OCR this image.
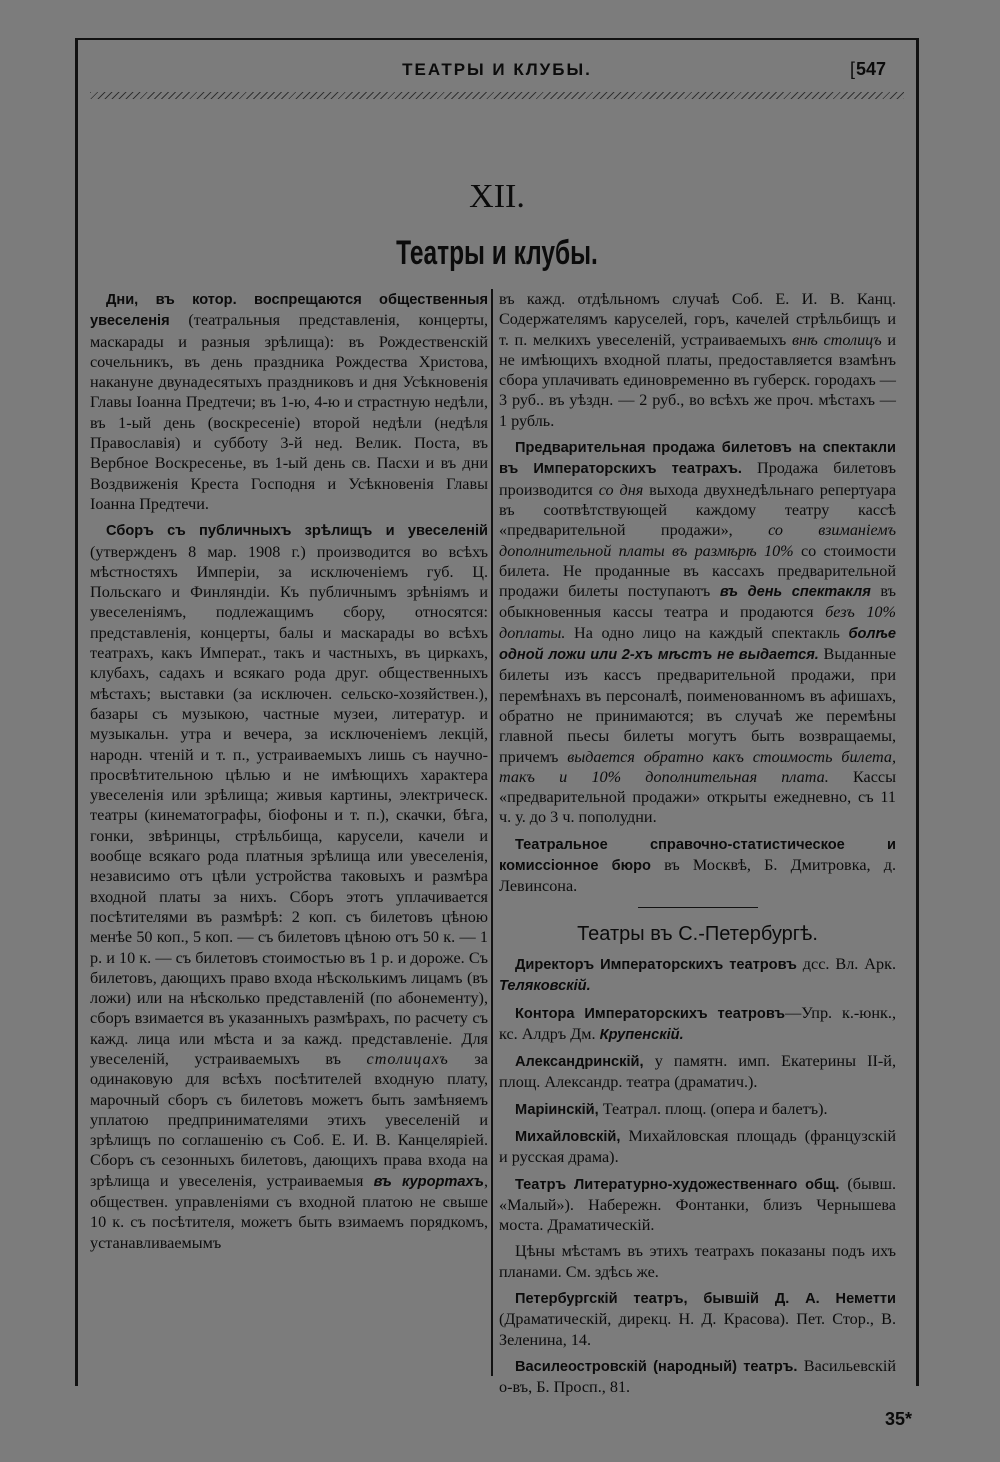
ТЕАТРЫ И КЛУБЫ.
[	547
XII.
Театры и клубы.

Дни, въ котор. воспрещаются общественныя увеселенія (театральныя представленія, концерты, маскарады и разныя зрѣлища): въ Рождественскій сочельникъ, въ день праздника Рождества Христова, накануне двунадесятыхъ праздниковъ и дня Усѣкновенія Главы Іоанна Предтечи; въ 1-ю, 4-ю и страстную недѣли, въ 1-ый день (воскресеніе) второй недѣли (недѣля Православія) и субботу 3-й нед. Велик. Поста, въ Вербное Воскресенье, въ 1-ый день св. Пасхи и въ дни Воздвиженія Креста Господня и Усѣкновенія Главы Іоанна Предтечи.

Сборъ съ публичныхъ зрѣлищъ и увеселеній (утвержденъ 8 мар. 1908 г.) производится во всѣхъ мѣстностяхъ Имперіи, за исключеніемъ губ. Ц. Польскаго и Финляндіи. Къ публичнымъ зрѣніямъ и увеселеніямъ, подлежащимъ сбору, относятся: представленія, концерты, балы и маскарады во всѣхъ театрахъ, какъ Императ., такъ и частныхъ, въ циркахъ, клубахъ, садахъ и всякаго рода друг. общественныхъ мѣстахъ; выставки (за исключен. сельско-хозяйствен.), базары съ музыкою, частные музеи, литератур. и музыкальн. утра и вечера, за исключеніемъ лекцій, народн. чтеній и т. п., устраиваемыхъ лишь съ научно-просвѣтительною цѣлью и не имѣющихъ характера увеселенія или зрѣлища; живыя картины, электрическ. театры (кинематографы, біофоны и т. п.), скачки, бѣга, гонки, звѣринцы, стрѣльбища, карусели, качели и вообще всякаго рода платныя зрѣлища или увеселенія, независимо отъ цѣли устройства таковыхъ и размѣра входной платы за нихъ. Сборъ этотъ уплачивается посѣтителями въ размѣрѣ: 2 коп. съ билетовъ цѣною менѣе 50 коп., 5 коп. — съ билетовъ цѣною отъ 50 к. — 1 р. и 10 к. — съ билетовъ стоимостью въ 1 р. и дороже. Съ билетовъ, дающихъ право входа нѣсколькимъ лицамъ (въ ложи) или на нѣсколько представленій (по абонементу), сборъ взимается въ указанныхъ размѣрахъ, по расчету съ кажд. лица или мѣста и за кажд. представленіе. Для увеселеній, устраиваемыхъ въ столицахъ за одинаковую для всѣхъ посѣтителей входную плату, марочный сборъ съ билетовъ можетъ быть замѣняемъ уплатою предпринимателями этихъ увеселеній и зрѣлищъ по соглашенію съ Соб. Е. И. В. Канцеляріей. Сборъ съ сезонныхъ билетовъ, дающихъ права входа на зрѣлища и увеселенія, устраиваемыя въ курортахъ, обществен. управленіями съ входной платою не свыше 10 к. съ посѣтителя, можетъ быть взимаемъ порядкомъ, устанавливаемымъ

въ кажд. отдѣльномъ случаѣ Соб. Е. И. В. Канц. Содержателямъ каруселей, горъ, качелей стрѣльбищъ и т. п. мелкихъ увеселеній, устраиваемыхъ внѣ столицъ и не имѣющихъ входной платы, предоставляется взамѣнъ сбора уплачивать единовременно въ губерск. городахъ — 3 руб.. въ уѣздн. — 2 руб., во всѣхъ же проч. мѣстахъ — 1 рубль.

Предварительная продажа билетовъ на спектакли въ Императорскихъ театрахъ. Продажа билетовъ производится со дня выхода двухнедѣльнаго репертуара въ соотвѣтствующей каждому театру кассѣ «предварительной продажи», со взиманіемъ дополнительной платы въ размѣрѣ 10% со стоимости билета. Не проданные въ кассахъ предварительной продажи билеты поступаютъ въ день спектакля въ обыкновенныя кассы театра и продаются безъ 10% доплаты. На одно лицо на каждый спектакль болѣе одной ложи или 2-хъ мѣстъ не выдается. Выданные билеты изъ кассъ предварительной продажи, при перемѣнахъ въ персоналѣ, поименованномъ въ афишахъ, обратно не принимаются; въ случаѣ же перемѣны главной пьесы билеты могутъ быть возвращаемы, причемъ выдается обратно какъ стоимость билета, такъ и 10% дополнительная плата. Кассы «предварительной продажи» открыты ежедневно, съ 11 ч. у. до 3 ч. пополудни.

Театральное справочно-статистическое и комиссіонное бюро въ Москвѣ, Б. Дмитровка, д. Левинсона.

Театры въ С.-Петербургѣ.

Директоръ Императорскихъ театровъ дсс. Вл. Арк. Теляковскій.

Контора Императорскихъ театровъ—Упр. к.-юнк., кс. Алдръ Дм. Крупенскій.

Александринскій, у памятн. имп. Екатерины II-й, площ. Александр. театра (драматич.).

Маріинскій, Театрал. площ. (опера и балетъ).

Михайловскій, Михайловская площадь (французскій и русская драма).

Театръ Литературно-художественнаго общ. (бывш. «Малый»). Набережн. Фонтанки, близъ Чернышева моста. Драматическій.

Цѣны мѣстамъ въ этихъ театрахъ показаны подъ ихъ планами. См. здѣсь же.

Петербургскій театръ, бывшій Д. А. Неметти (Драматическій, дирекц. Н. Д. Красова). Пет. Стор., В. Зеленина, 14.

Василеостровскій (народный) театръ. Васильевскій о-въ, Б. Просп., 81.

35*
